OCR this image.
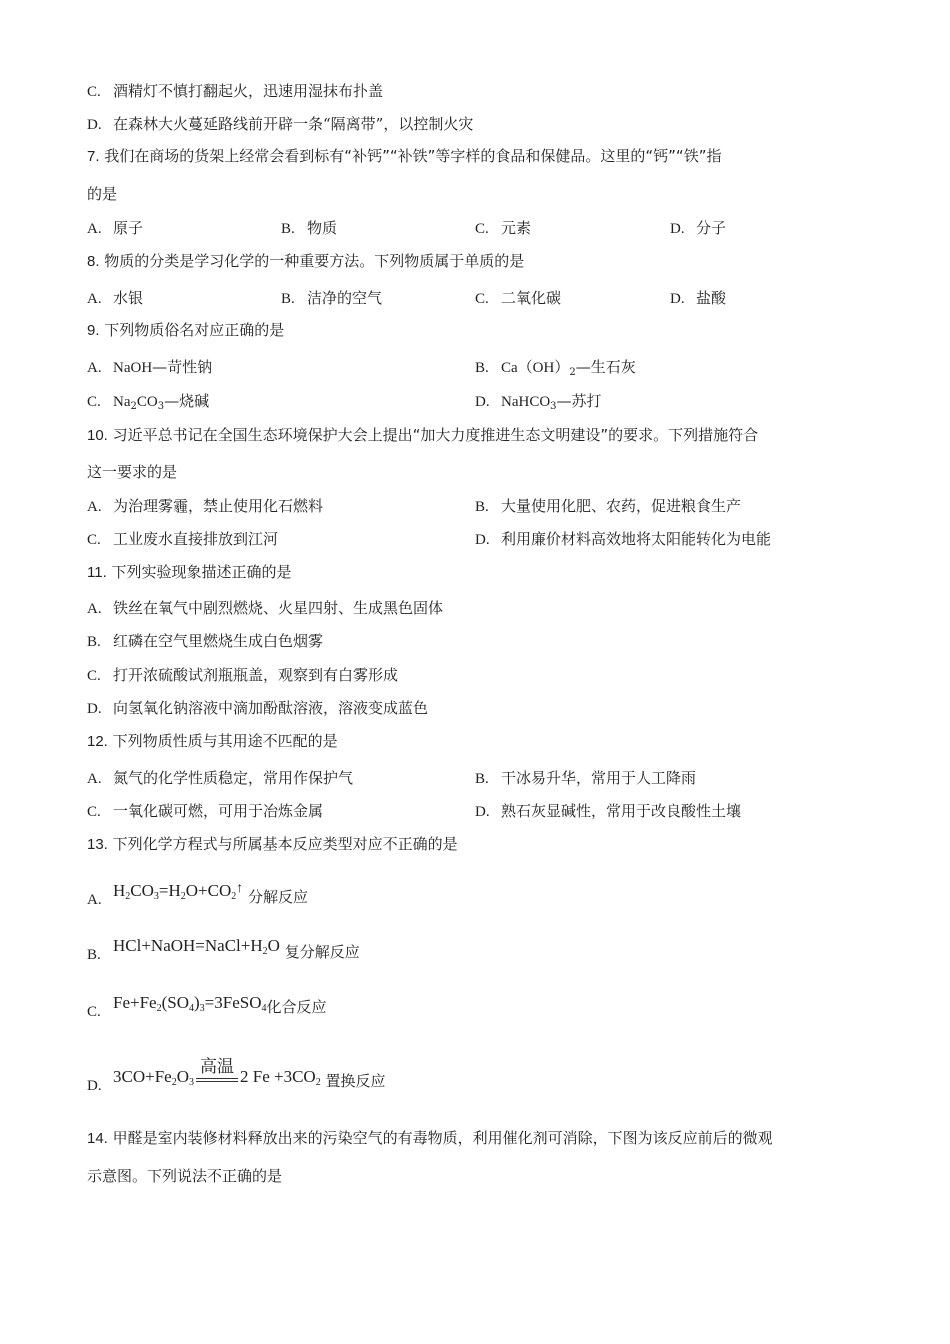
C. 酒精灯不慎打翻起火，迅速用湿抹布扑盖
D. 在森林大火蔓延路线前开辟一条“隔离带”，以控制火灾
7. 我们在商场的货架上经常会看到标有“补钙”“补铁”等字样的食品和保健品。这里的“钙”“铁”指
的是
A. 原子	B. 物质	C. 元素	D. 分子
8. 物质的分类是学习化学的一种重要方法。下列物质属于单质的是
A. 水银	B. 洁净的空气	C. 二氧化碳	D. 盐酸
9. 下列物质俗名对应正确的是
A. NaOH—苛性钠	B. $Ca(OH)_2—$生石灰
C. $Na_2CO_3—$烧碱	D. NaHCO$_3$—苏打
10. 习近平总书记在全国生态环境保护大会上提出“加大力度推进生态文明建设”的要求。下列措施符合
这一要求的是
A. 为治理雾霾，禁止使用化石燃料	B. 大量使用化肥、农药，促进粮食生产
C. 工业废水直接排放到江河	D. 利用廉价材料高效地将太阳能转化为电能
11. 下列实验现象描述正确的是
A. 铁丝在氧气中剧烈燃烧、火星四射、生成黑色固体
B. 红磷在空气里燃烧生成白色烟雾
C. 打开浓硫酸试剂瓶瓶盖，观察到有白雾形成
D. 向氢氧化钠溶液中滴加酚酞溶液，溶液变成蓝色
12. 下列物质性质与其用途不匹配的是
A. 氮气的化学性质稳定，常用作保护气	B. 干冰易升华，常用于人工降雨
C. 一氧化碳可燃，可用于冶炼金属	D. 熟石灰显碱性，常用于改良酸性土壤
13. 下列化学方程式与所属基本反应类型对应不正确的是
A. $H_2CO_3=H_2O+CO_2^↑$ 分解反应
B. $HCl+NaOH=NaCl+H_2O$ 复分解反应
C. $Fe+Fe_2(SO_4)_3=3FeSO_4$化合反应
D. $3CO+Fe_2O_3$
高温
2 $Fe +3CO_2$ 置换反应
14. 甲醛是室内装修材料释放出来的污染空气的有毒物质，利用催化剂可消除，下图为该反应前后的微观
示意图。下列说法不正确的是
